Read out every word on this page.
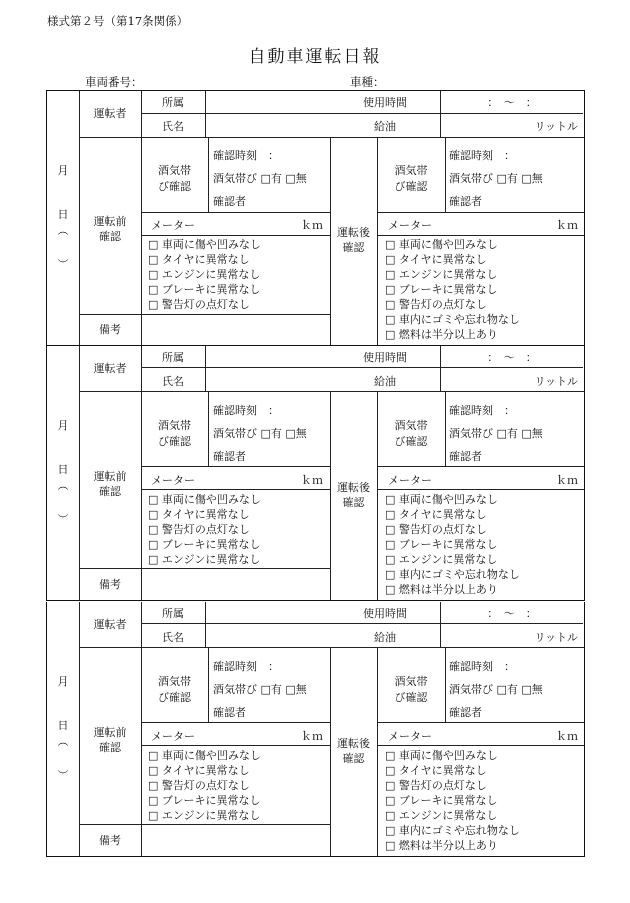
様式第２号（第17条関係）
自動車運転日報
車両番号：	車種：
月
日
︵
︶
運転者
所属	使用時間	：　〜　：
氏名	給油	リットル
運転前
確認
酒気帯
び確認
確認時刻　：
酒気帯び □有 □無
確認者
メーター	ｋｍ
□ 車両に傷や凹みなし
□ タイヤに異常なし
□ エンジンに異常なし
□ ブレーキに異常なし
□ 警告灯の点灯なし
備考
運転後
確認
酒気帯
び確認
確認時刻　：
酒気帯び □有 □無
確認者
メーター	ｋｍ
□ 車両に傷や凹みなし
□ タイヤに異常なし
□ エンジンに異常なし
□ ブレーキに異常なし
□ 警告灯の点灯なし
□ 車内にゴミや忘れ物なし
□ 燃料は半分以上あり
月
日
︵
︶
運転者
所属	使用時間	：　〜　：
氏名	給油	リットル
運転前
確認
酒気帯
び確認
確認時刻　：
酒気帯び □有 □無
確認者
メーター	ｋｍ
□ 車両に傷や凹みなし
□ タイヤに異常なし
□ 警告灯の点灯なし
□ ブレーキに異常なし
□ エンジンに異常なし
備考
運転後
確認
酒気帯
び確認
確認時刻　：
酒気帯び □有 □無
確認者
メーター	ｋｍ
□ 車両に傷や凹みなし
□ タイヤに異常なし
□ 警告灯の点灯なし
□ ブレーキに異常なし
□ エンジンに異常なし
□ 車内にゴミや忘れ物なし
□ 燃料は半分以上あり
月
日
︵
︶
運転者
所属	使用時間	：　〜　：
氏名	給油	リットル
運転前
確認
酒気帯
び確認
確認時刻　：
酒気帯び □有 □無
確認者
メーター	ｋｍ
□ 車両に傷や凹みなし
□ タイヤに異常なし
□ 警告灯の点灯なし
□ ブレーキに異常なし
□ エンジンに異常なし
備考
運転後
確認
酒気帯
び確認
確認時刻　：
酒気帯び □有 □無
確認者
メーター	ｋｍ
□ 車両に傷や凹みなし
□ タイヤに異常なし
□ 警告灯の点灯なし
□ ブレーキに異常なし
□ エンジンに異常なし
□ 車内にゴミや忘れ物なし
□ 燃料は半分以上あり
